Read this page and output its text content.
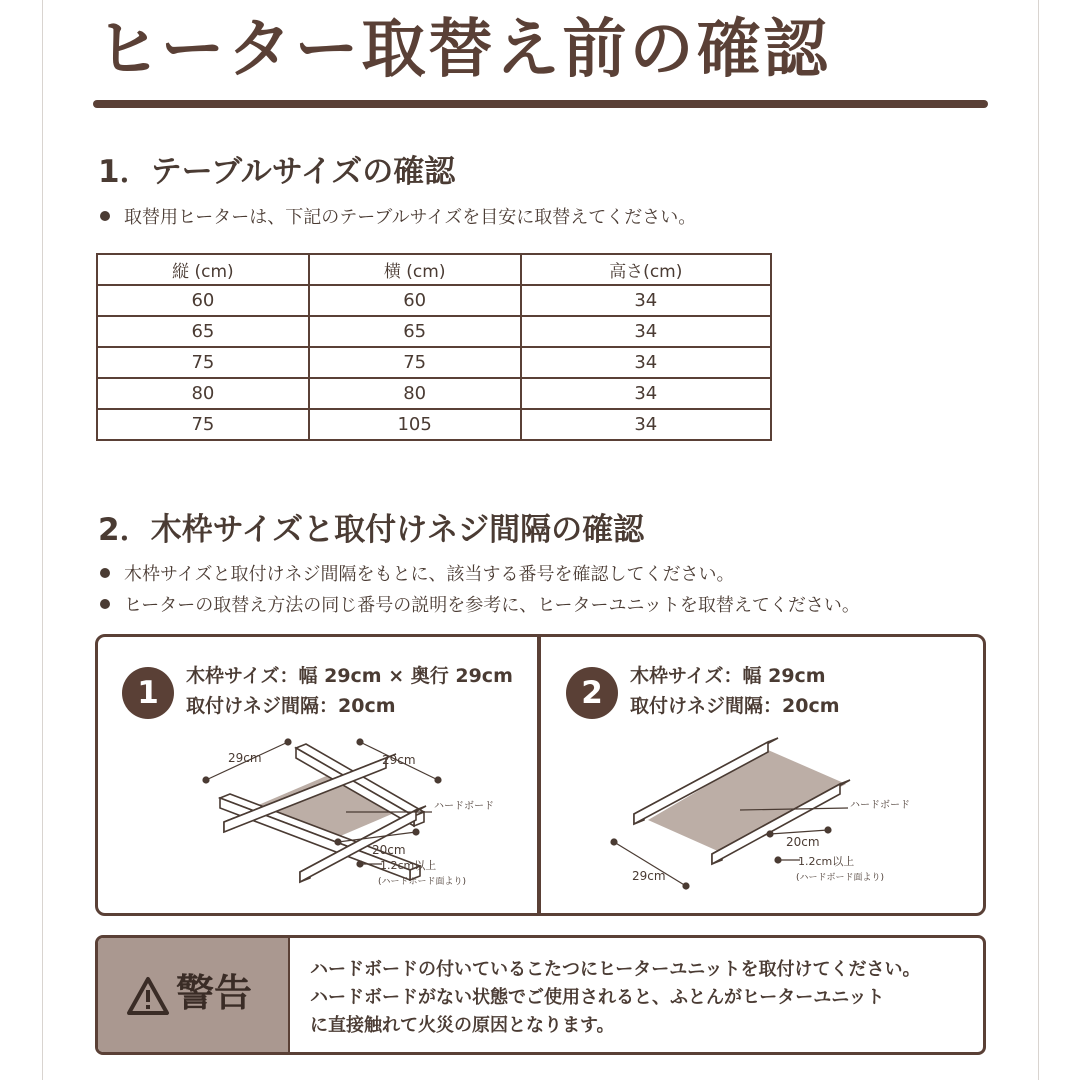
ヒーター取替え前の確認
1．テーブルサイズの確認
取替用ヒーターは、下記のテーブルサイズを目安に取替えてください。
縦 (cm)	横 (cm)	高さ(cm)
60	60	34
65	65	34
75	75	34
80	80	34
75	105	34
2．木枠サイズと取付けネジ間隔の確認
木枠サイズと取付けネジ間隔をもとに、該当する番号を確認してください。
ヒーターの取替え方法の同じ番号の説明を参考に、ヒーターユニットを取替えてください。
1	木枠サイズ：幅 29cm × 奥行 29cm
取付けネジ間隔：20cm
29cm	29cm
20cm
ハードボード
1.2cm以上
(ハードボード面より)
2	木枠サイズ：幅 29cm
取付けネジ間隔：20cm
29cm
20cm
ハードボード
1.2cm以上
(ハードボード面より)
警告
ハードボードの付いているこたつにヒーターユニットを取付けてください。
ハードボードがない状態でご使用されると、ふとんがヒーターユニット
に直接触れて火災の原因となります。
